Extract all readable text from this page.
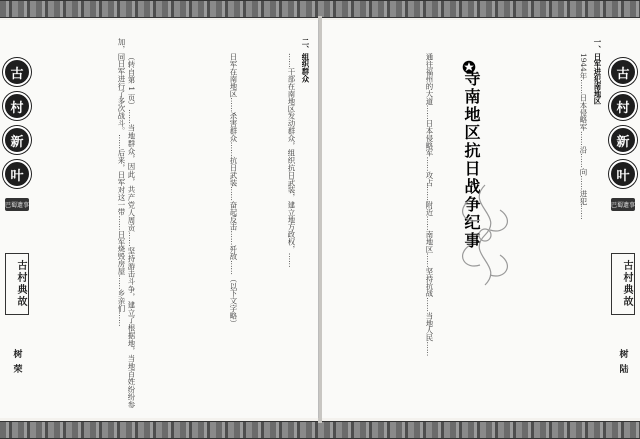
古
村
新
叶
巴蜀遗事
古村典故
树荣	（转自第 1 页）……当地群众，因此，共产党人周贡……坚持游击斗争，建立了根据地，当地百姓纷纷参加，同日军进行了多次战斗。……后来，日军对这一带……日军烧毁房屋……乡亲们……	日军在南地区……杀害群众……抗日武装……奋起反击……歼敌……（以下文字略）	二、组织群众

……干部在南地区发动群众，组织抗日武装，建立地方政权，……	通往福州的大道……日本侵略军……攻占……附近……南地区……坚持抗战……当地人民…… 寺南地区抗日战争纪事	一、日军进犯南地区

1944年……日本侵略军……沿……向……进犯……	古
村
新
叶
巴蜀遗事
古村典故
树陆
